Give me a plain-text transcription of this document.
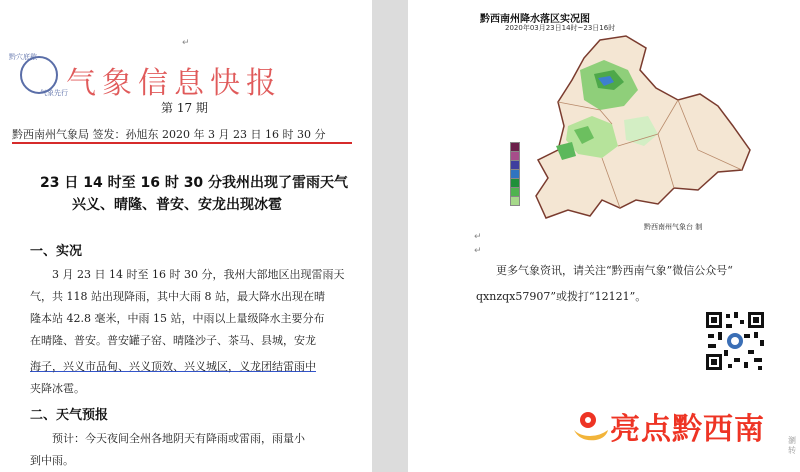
黔穴底歙
气象先行
气象信息快报
↵
第 17 期
黔西南州气象局 签发：孙旭东 2020 年 3 月 23 日 16 时 30 分
23 日 14 时至 16 时 30 分我州出现了雷雨天气
兴义、晴隆、普安、安龙出现冰雹
一、实况
3 月 23 日 14 时至 16 时 30 分，我州大部地区出现雷雨天
气，共 118 站出现降雨，其中大雨 8 站，最大降水出现在晴
隆本站 42.8 毫米，中雨 15 站，中雨以上量级降水主要分布
在晴隆、普安。普安罐子窑、晴隆沙子、茶马、县城，安龙
海子，兴义市品甸、兴义顶效、兴义城区，义龙团结雷雨中
夹降冰雹。
二、天气预报
预计：今天夜间全州各地阴天有降雨或雷雨，雨量小
到中雨。
黔西南州降水落区实况图
2020年03月23日14时~23日16时
黔西南州气象台 制
↵
↵
更多气象资讯，请关注“黔西南气象”微信公众号“
qxnzqx57907”或拨打“12121”。
亮点黔西南	瀏转
